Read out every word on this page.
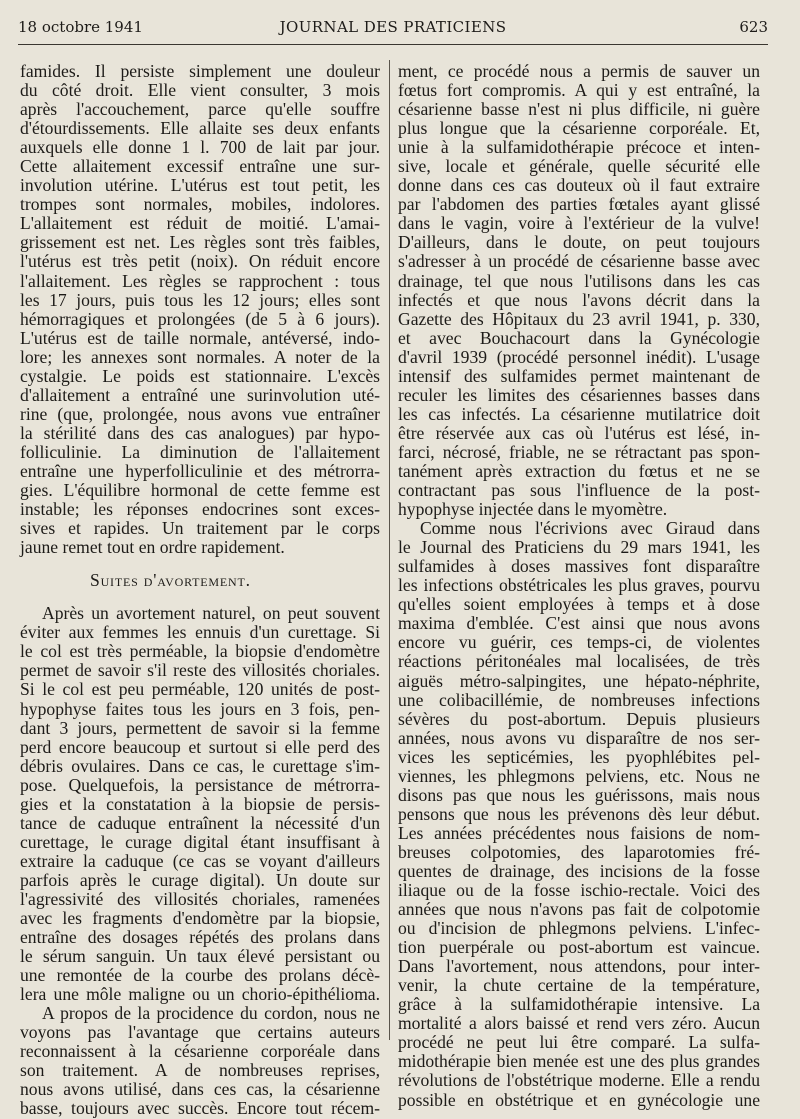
18 octobre 1941	JOURNAL DES PRATICIENS	623
famides. Il persiste simplement une douleur
du côté droit. Elle vient consulter, 3 mois
après l'accouchement, parce qu'elle souffre
d'étourdissements. Elle allaite ses deux enfants
auxquels elle donne 1 l. 700 de lait par jour.
Cette allaitement excessif entraîne une sur-
involution utérine. L'utérus est tout petit, les
trompes sont normales, mobiles, indolores.
L'allaitement est réduit de moitié. L'amai-
grissement est net. Les règles sont très faibles,
l'utérus est très petit (noix). On réduit encore
l'allaitement. Les règles se rapprochent : tous
les 17 jours, puis tous les 12 jours; elles sont
hémorragiques et prolongées (de 5 à 6 jours).
L'utérus est de taille normale, antéversé, indo-
lore; les annexes sont normales. A noter de la
cystalgie. Le poids est stationnaire. L'excès
d'allaitement a entraîné une surinvolution uté-
rine (que, prolongée, nous avons vue entraîner
la stérilité dans des cas analogues) par hypo-
folliculinie. La diminution de l'allaitement
entraîne une hyperfolliculinie et des métrorra-
gies. L'équilibre hormonal de cette femme est
instable; les réponses endocrines sont exces-
sives et rapides. Un traitement par le corps
jaune remet tout en ordre rapidement.
Suites d'avortement.
Après un avortement naturel, on peut souvent
éviter aux femmes les ennuis d'un curettage. Si
le col est très perméable, la biopsie d'endomètre
permet de savoir s'il reste des villosités choriales.
Si le col est peu perméable, 120 unités de post-
hypophyse faites tous les jours en 3 fois, pen-
dant 3 jours, permettent de savoir si la femme
perd encore beaucoup et surtout si elle perd des
débris ovulaires. Dans ce cas, le curettage s'im-
pose. Quelquefois, la persistance de métrorra-
gies et la constatation à la biopsie de persis-
tance de caduque entraînent la nécessité d'un
curettage, le curage digital étant insuffisant à
extraire la caduque (ce cas se voyant d'ailleurs
parfois après le curage digital). Un doute sur
l'agressivité des villosités choriales, ramenées
avec les fragments d'endomètre par la biopsie,
entraîne des dosages répétés des prolans dans
le sérum sanguin. Un taux élevé persistant ou
une remontée de la courbe des prolans décè-
lera une môle maligne ou un chorio-épithélioma.
A propos de la procidence du cordon, nous ne
voyons pas l'avantage que certains auteurs
reconnaissent à la césarienne corporéale dans
son traitement. A de nombreuses reprises,
nous avons utilisé, dans ces cas, la césarienne
basse, toujours avec succès. Encore tout récem-
ment, ce procédé nous a permis de sauver un
fœtus fort compromis. A qui y est entraîné, la
césarienne basse n'est ni plus difficile, ni guère
plus longue que la césarienne corporéale. Et,
unie à la sulfamidothérapie précoce et inten-
sive, locale et générale, quelle sécurité elle
donne dans ces cas douteux où il faut extraire
par l'abdomen des parties fœtales ayant glissé
dans le vagin, voire à l'extérieur de la vulve!
D'ailleurs, dans le doute, on peut toujours
s'adresser à un procédé de césarienne basse avec
drainage, tel que nous l'utilisons dans les cas
infectés et que nous l'avons décrit dans la
Gazette des Hôpitaux du 23 avril 1941, p. 330,
et avec Bouchacourt dans la Gynécologie
d'avril 1939 (procédé personnel inédit). L'usage
intensif des sulfamides permet maintenant de
reculer les limites des césariennes basses dans
les cas infectés. La césarienne mutilatrice doit
être réservée aux cas où l'utérus est lésé, in-
farci, nécrosé, friable, ne se rétractant pas spon-
tanément après extraction du fœtus et ne se
contractant pas sous l'influence de la post-
hypophyse injectée dans le myomètre.
Comme nous l'écrivions avec Giraud dans
le Journal des Praticiens du 29 mars 1941, les
sulfamides à doses massives font disparaître
les infections obstétricales les plus graves, pourvu
qu'elles soient employées à temps et à dose
maxima d'emblée. C'est ainsi que nous avons
encore vu guérir, ces temps-ci, de violentes
réactions péritonéales mal localisées, de très
aiguës métro-salpingites, une hépato-néphrite,
une colibacillémie, de nombreuses infections
sévères du post-abortum. Depuis plusieurs
années, nous avons vu disparaître de nos ser-
vices les septicémies, les pyophlébites pel-
viennes, les phlegmons pelviens, etc. Nous ne
disons pas que nous les guérissons, mais nous
pensons que nous les prévenons dès leur début.
Les années précédentes nous faisions de nom-
breuses colpotomies, des laparotomies fré-
quentes de drainage, des incisions de la fosse
iliaque ou de la fosse ischio-rectale. Voici des
années que nous n'avons pas fait de colpotomie
ou d'incision de phlegmons pelviens. L'infec-
tion puerpérale ou post-abortum est vaincue.
Dans l'avortement, nous attendons, pour inter-
venir, la chute certaine de la température,
grâce à la sulfamidothérapie intensive. La
mortalité a alors baissé et rend vers zéro. Aucun
procédé ne peut lui être comparé. La sulfa-
midothérapie bien menée est une des plus grandes
révolutions de l'obstétrique moderne. Elle a rendu
possible en obstétrique et en gynécologie une
